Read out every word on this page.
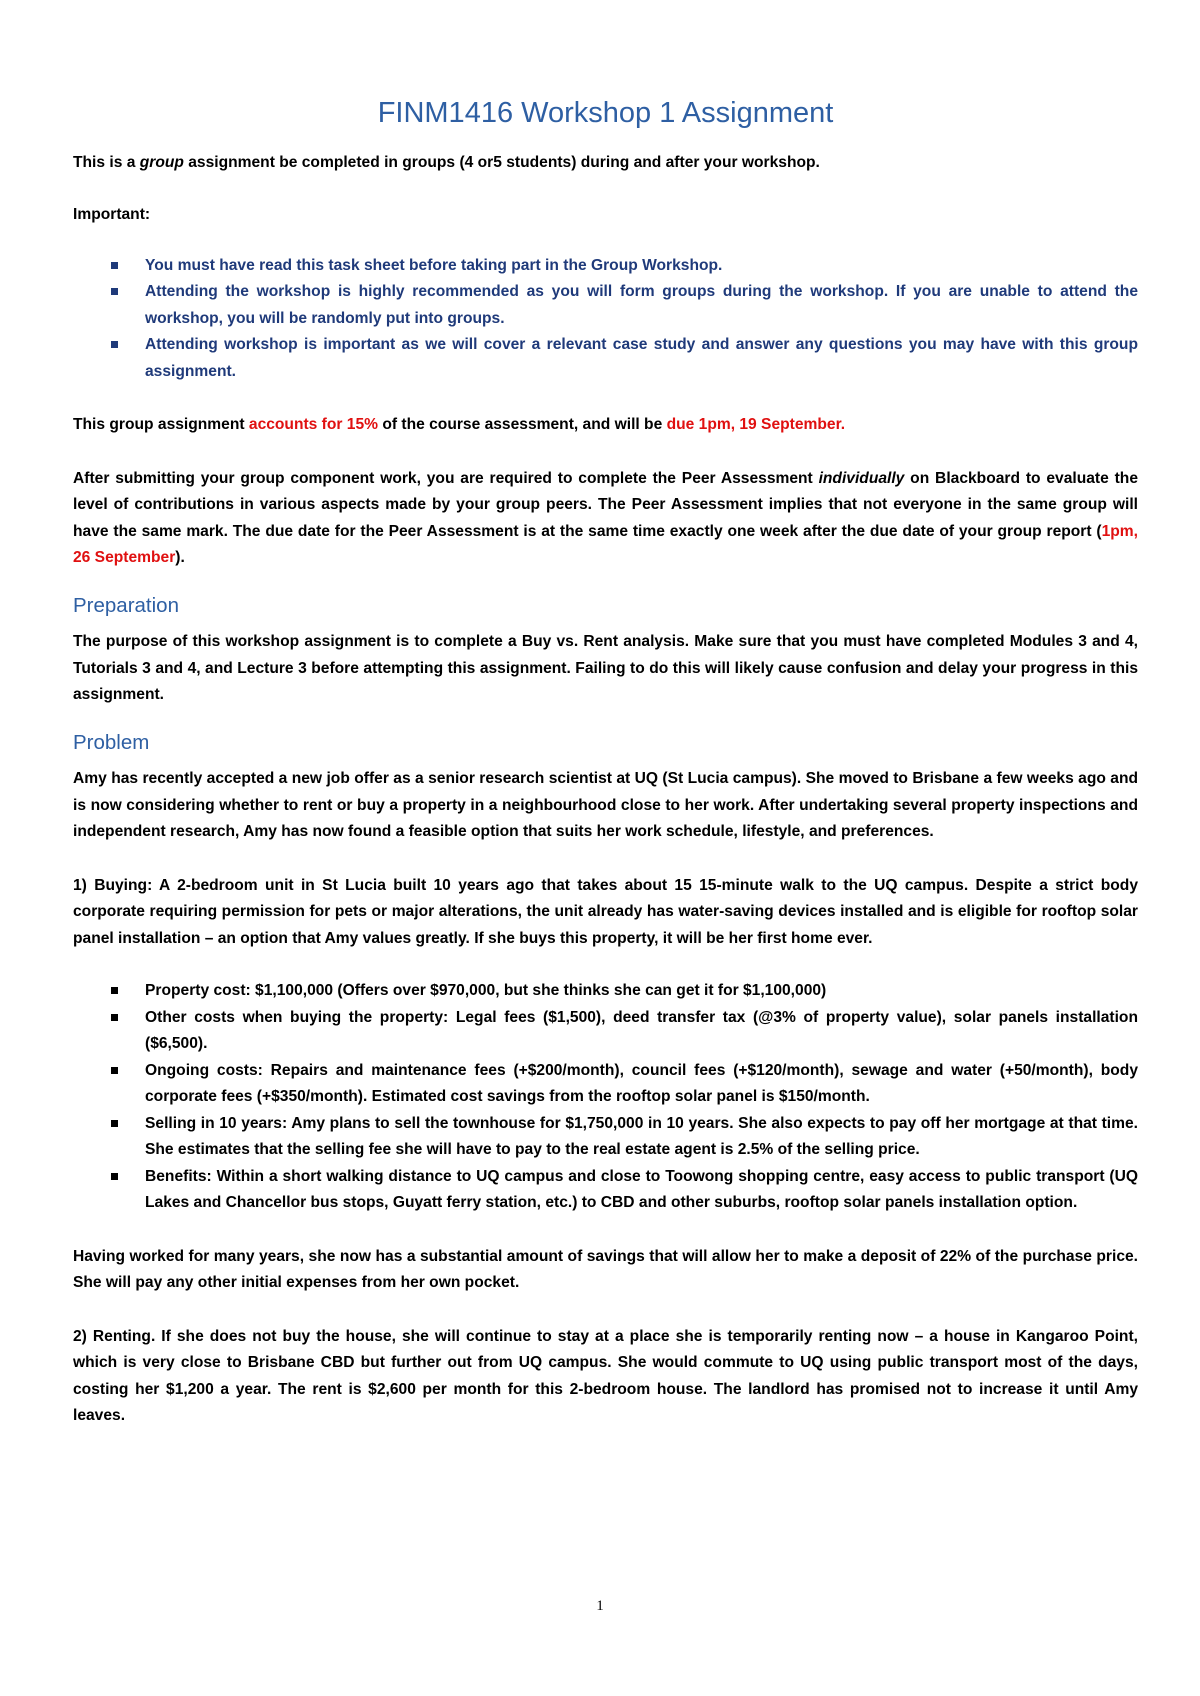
FINM1416 Workshop 1 Assignment

This is a group assignment be completed in groups (4 or5 students) during and after your workshop.

Important:

You must have read this task sheet before taking part in the Group Workshop.
Attending the workshop is highly recommended as you will form groups during the workshop. If you are unable to attend the workshop, you will be randomly put into groups.
Attending workshop is important as we will cover a relevant case study and answer any questions you may have with this group assignment.

This group assignment accounts for 15% of the course assessment, and will be due 1pm, 19 September.

After submitting your group component work, you are required to complete the Peer Assessment individually on Blackboard to evaluate the level of contributions in various aspects made by your group peers. The Peer Assessment implies that not everyone in the same group will have the same mark. The due date for the Peer Assessment is at the same time exactly one week after the due date of your group report (1pm, 26 September).

Preparation

The purpose of this workshop assignment is to complete a Buy vs. Rent analysis. Make sure that you must have completed Modules 3 and 4, Tutorials 3 and 4, and Lecture 3 before attempting this assignment. Failing to do this will likely cause confusion and delay your progress in this assignment.

Problem

Amy has recently accepted a new job offer as a senior research scientist at UQ (St Lucia campus). She moved to Brisbane a few weeks ago and is now considering whether to rent or buy a property in a neighbourhood close to her work. After undertaking several property inspections and independent research, Amy has now found a feasible option that suits her work schedule, lifestyle, and preferences.

1) Buying: A 2-bedroom unit in St Lucia built 10 years ago that takes about 15 15-minute walk to the UQ campus. Despite a strict body corporate requiring permission for pets or major alterations, the unit already has water-saving devices installed and is eligible for rooftop solar panel installation – an option that Amy values greatly. If she buys this property, it will be her first home ever.

Property cost: $1,100,000 (Offers over $970,000, but she thinks she can get it for $1,100,000)
Other costs when buying the property: Legal fees ($1,500), deed transfer tax (@3% of property value), solar panels installation ($6,500).
Ongoing costs: Repairs and maintenance fees (+$200/month), council fees (+$120/month), sewage and water (+50/month), body corporate fees (+$350/month). Estimated cost savings from the rooftop solar panel is $150/month.
Selling in 10 years: Amy plans to sell the townhouse for $1,750,000 in 10 years. She also expects to pay off her mortgage at that time. She estimates that the selling fee she will have to pay to the real estate agent is 2.5% of the selling price.
Benefits: Within a short walking distance to UQ campus and close to Toowong shopping centre, easy access to public transport (UQ Lakes and Chancellor bus stops, Guyatt ferry station, etc.) to CBD and other suburbs, rooftop solar panels installation option.

Having worked for many years, she now has a substantial amount of savings that will allow her to make a deposit of 22% of the purchase price. She will pay any other initial expenses from her own pocket.

2) Renting. If she does not buy the house, she will continue to stay at a place she is temporarily renting now – a house in Kangaroo Point, which is very close to Brisbane CBD but further out from UQ campus. She would commute to UQ using public transport most of the days, costing her $1,200 a year. The rent is $2,600 per month for this 2-bedroom house. The landlord has promised not to increase it until Amy leaves.

1
